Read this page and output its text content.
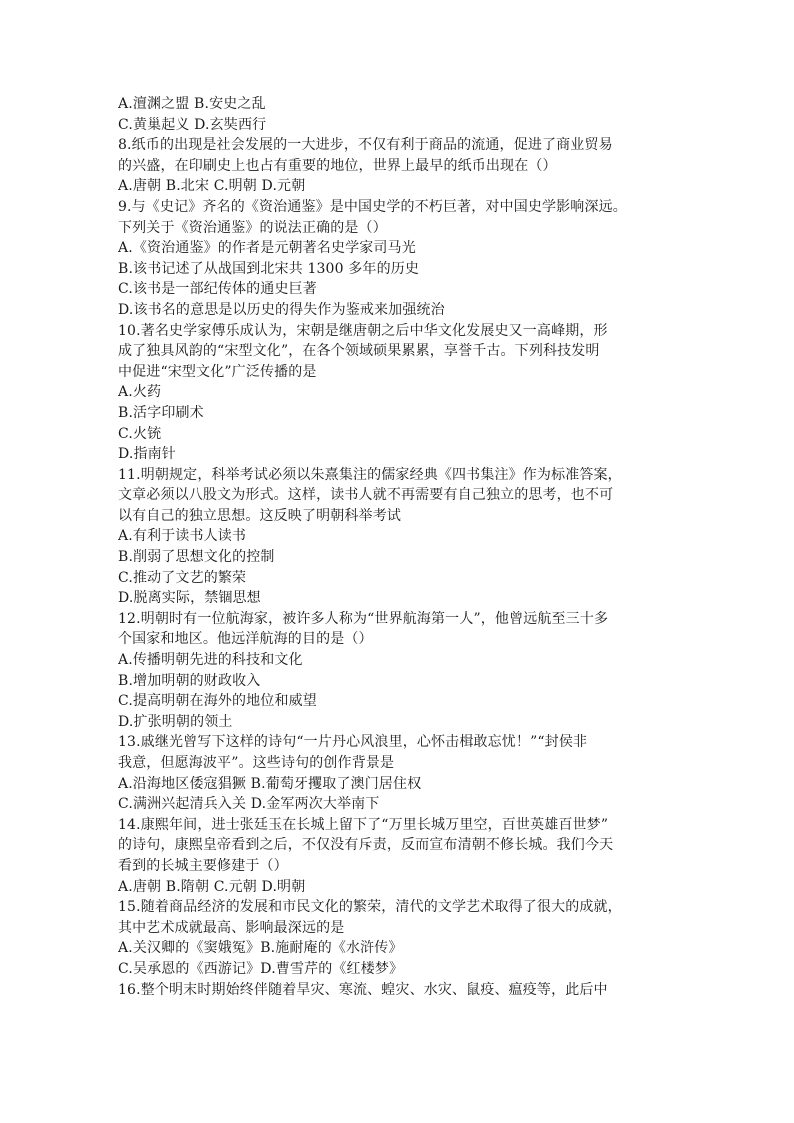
A.澶渊之盟 B.安史之乱
C.黄巢起义 D.玄奘西行
8.纸币的出现是社会发展的一大进步，不仅有利于商品的流通，促进了商业贸易
的兴盛，在印刷史上也占有重要的地位，世界上最早的纸币出现在（）
A.唐朝 B.北宋 C.明朝 D.元朝
9.与《史记》齐名的《资治通鉴》是中国史学的不朽巨著，对中国史学影响深远。
下列关于《资治通鉴》的说法正确的是（）
A.《资治通鉴》的作者是元朝著名史学家司马光
B.该书记述了从战国到北宋共 1300 多年的历史
C.该书是一部纪传体的通史巨著
D.该书名的意思是以历史的得失作为鉴戒来加强统治
10.著名史学家傅乐成认为，宋朝是继唐朝之后中华文化发展史又一高峰期，形
成了独具风韵的“宋型文化”，在各个领域硕果累累，享誉千古。下列科技发明
中促进“宋型文化”广泛传播的是
A.火药
B.活字印刷术
C.火铳
D.指南针
11.明朝规定，科举考试必须以朱熹集注的儒家经典《四书集注》作为标准答案，
文章必须以八股文为形式。这样，读书人就不再需要有自己独立的思考，也不可
以有自己的独立思想。这反映了明朝科举考试
A.有利于读书人读书
B.削弱了思想文化的控制
C.推动了文艺的繁荣
D.脱离实际，禁锢思想
12.明朝时有一位航海家，被许多人称为“世界航海第一人”，他曾远航至三十多
个国家和地区。他远洋航海的目的是（）
A.传播明朝先进的科技和文化
B.增加明朝的财政收入
C.提高明朝在海外的地位和威望
D.扩张明朝的领土
13.戚继光曾写下这样的诗句“一片丹心风浪里，心怀击楫敢忘忧！”“封侯非
我意，但愿海波平”。这些诗句的创作背景是
A.沿海地区倭寇猖獗 B.葡萄牙攫取了澳门居住权
C.满洲兴起清兵入关 D.金军两次大举南下
14.康熙年间，进士张廷玉在长城上留下了“万里长城万里空，百世英雄百世梦”
的诗句，康熙皇帝看到之后，不仅没有斥责，反而宣布清朝不修长城。我们今天
看到的长城主要修建于（）
A.唐朝 B.隋朝 C.元朝 D.明朝
15.随着商品经济的发展和市民文化的繁荣，清代的文学艺术取得了很大的成就，
其中艺术成就最高、影响最深远的是
A.关汉卿的《窦娥冤》B.施耐庵的《水浒传》
C.吴承恩的《西游记》D.曹雪芹的《红楼梦》
16.整个明末时期始终伴随着旱灾、寒流、蝗灾、水灾、鼠疫、瘟疫等，此后中
